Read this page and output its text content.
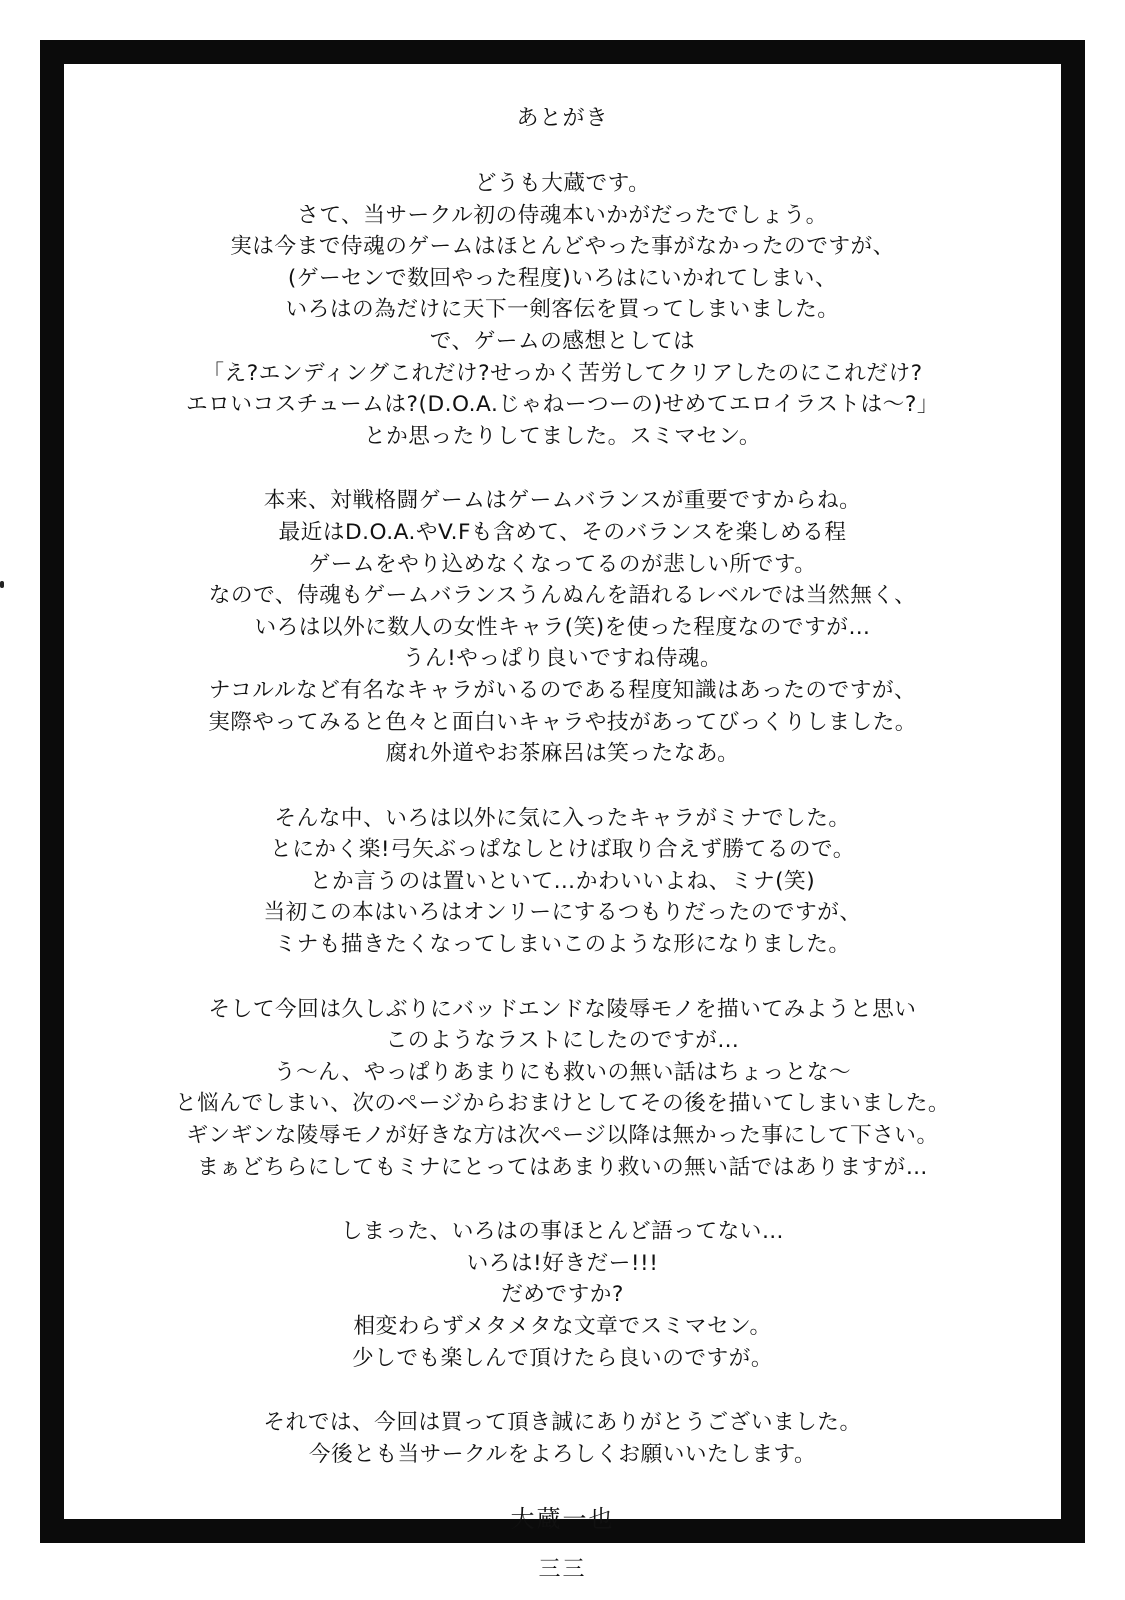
あとがき
どうも大蔵です。
さて、当サークル初の侍魂本いかがだったでしょう。
実は今まで侍魂のゲームはほとんどやった事がなかったのですが、
(ゲーセンで数回やった程度)いろはにいかれてしまい、
いろはの為だけに天下一剣客伝を買ってしまいました。
で、ゲームの感想としては
「え?エンディングこれだけ?せっかく苦労してクリアしたのにこれだけ?
エロいコスチュームは?(D.O.A.じゃねーつーの)せめてエロイラストは〜?」
とか思ったりしてました。スミマセン。
本来、対戦格闘ゲームはゲームバランスが重要ですからね。
最近はD.O.A.やV.Fも含めて、そのバランスを楽しめる程
ゲームをやり込めなくなってるのが悲しい所です。
なので、侍魂もゲームバランスうんぬんを語れるレベルでは当然無く、
いろは以外に数人の女性キャラ(笑)を使った程度なのですが…
うん!やっぱり良いですね侍魂。
ナコルルなど有名なキャラがいるのである程度知識はあったのですが、
実際やってみると色々と面白いキャラや技があってびっくりしました。
腐れ外道やお茶麻呂は笑ったなあ。
そんな中、いろは以外に気に入ったキャラがミナでした。
とにかく楽!弓矢ぶっぱなしとけば取り合えず勝てるので。
とか言うのは置いといて…かわいいよね、ミナ(笑)
当初この本はいろはオンリーにするつもりだったのですが、
ミナも描きたくなってしまいこのような形になりました。
そして今回は久しぶりにバッドエンドな陵辱モノを描いてみようと思い
このようなラストにしたのですが…
う〜ん、やっぱりあまりにも救いの無い話はちょっとな〜
と悩んでしまい、次のページからおまけとしてその後を描いてしまいました。
ギンギンな陵辱モノが好きな方は次ページ以降は無かった事にして下さい。
まぁどちらにしてもミナにとってはあまり救いの無い話ではありますが…
しまった、いろはの事ほとんど語ってない…
いろは!好きだー!!!
だめですか?
相変わらずメタメタな文章でスミマセン。
少しでも楽しんで頂けたら良いのですが。
それでは、今回は買って頂き誠にありがとうございました。
今後とも当サークルをよろしくお願いいたします。
大蔵一也
三三
